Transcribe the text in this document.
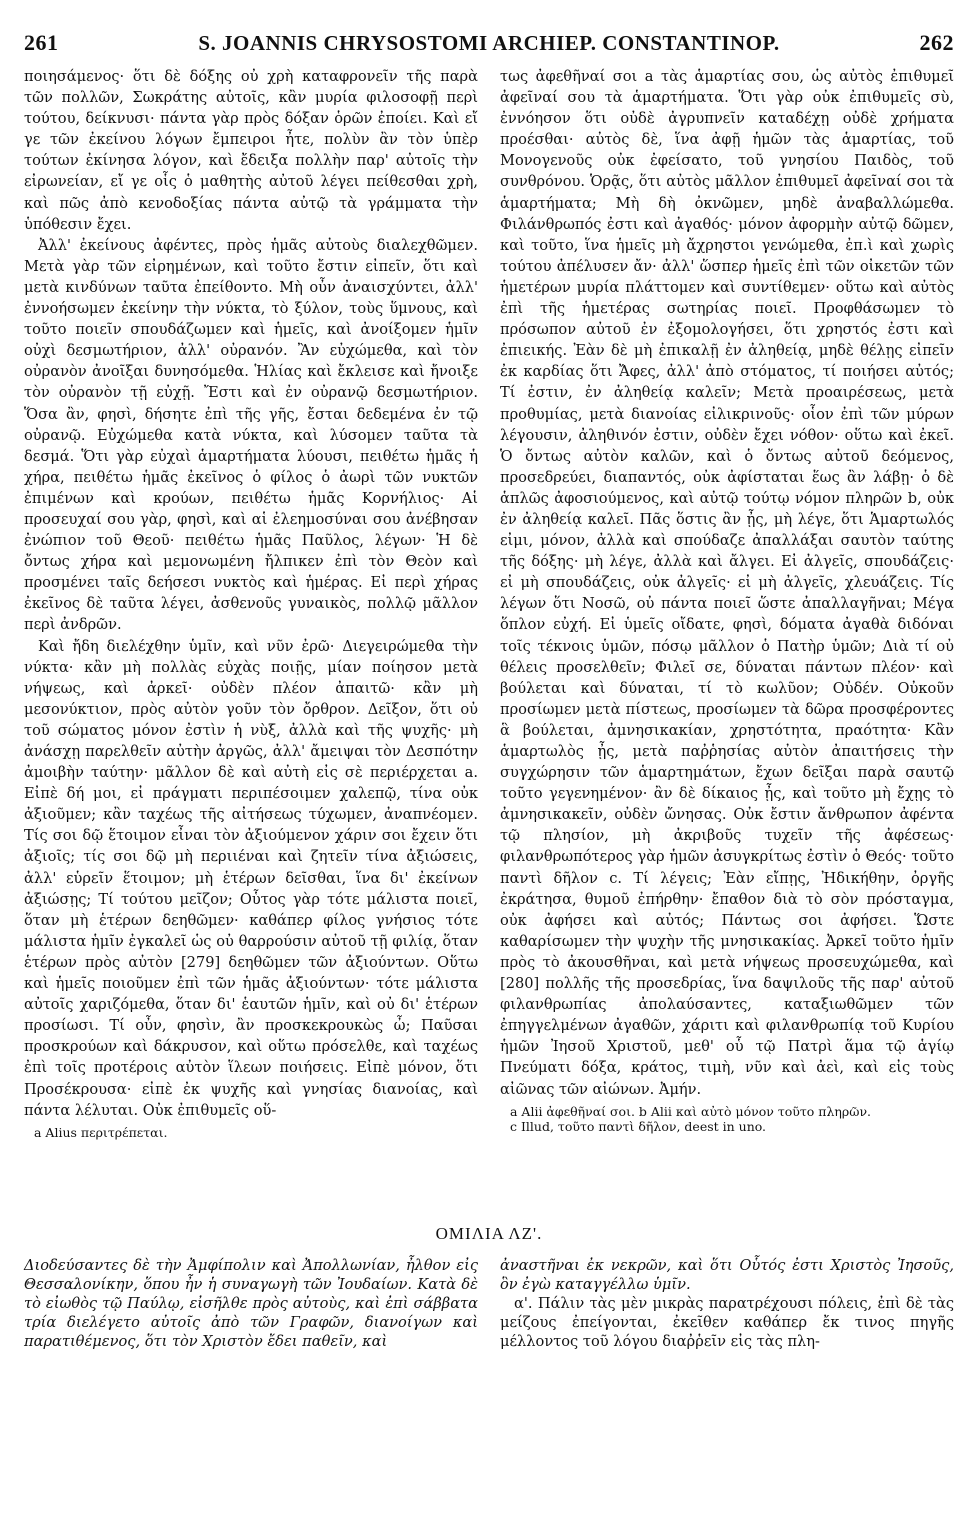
261	S. JOANNIS CHRYSOSTOMI ARCHIEP. CONSTANTINOP.	262

ποιησάμενος· ὅτι δὲ δόξης οὐ χρὴ καταφρονεῖν τῆς παρὰ τῶν πολλῶν, Σωκράτης αὐτοῖς, κἂν μυρία φιλοσοφῇ περὶ τούτου, δείκνυσι· πάντα γὰρ πρὸς δόξαν ὁρῶν ἐποίει. Καὶ εἴ γε τῶν ἐκείνου λόγων ἔμπειροι ἦτε, πολὺν ἂν τὸν ὑπὲρ τούτων ἐκίνησα λόγον, καὶ ἔδειξα πολλὴν παρ' αὐτοῖς τὴν εἰρωνείαν, εἴ γε οἷς ὁ μαθητὴς αὐτοῦ λέγει πείθεσθαι χρὴ, καὶ πῶς ἀπὸ κενοδοξίας πάντα αὐτῷ τὰ γράμματα τὴν ὑπόθεσιν ἔχει.

Ἀλλ' ἐκείνους ἀφέντες, πρὸς ἡμᾶς αὐτοὺς διαλεχθῶμεν. Μετὰ γὰρ τῶν εἰρημένων, καὶ τοῦτο ἔστιν εἰπεῖν, ὅτι καὶ μετὰ κινδύνων ταῦτα ἐπείθοντο. Μὴ οὖν ἀναισχύντει, ἀλλ' ἐννοήσωμεν ἐκείνην τὴν νύκτα, τὸ ξύλον, τοὺς ὕμνους, καὶ τοῦτο ποιεῖν σπουδάζωμεν καὶ ἡμεῖς, καὶ ἀνοίξομεν ἡμῖν οὐχὶ δεσμωτήριον, ἀλλ' οὐρανόν. Ἂν εὐχώμεθα, καὶ τὸν οὐρανὸν ἀνοῖξαι δυνησόμεθα. Ἡλίας καὶ ἔκλεισε καὶ ἤνοιξε τὸν οὐρανὸν τῇ εὐχῇ. Ἔστι καὶ ἐν οὐρανῷ δεσμωτήριον. Ὅσα ἂν, φησὶ, δήσητε ἐπὶ τῆς γῆς, ἔσται δεδεμένα ἐν τῷ οὐρανῷ. Εὐχώμεθα κατὰ νύκτα, καὶ λύσομεν ταῦτα τὰ δεσμά. Ὅτι γὰρ εὐχαὶ ἁμαρτήματα λύουσι, πειθέτω ἡμᾶς ἡ χήρα, πειθέτω ἡμᾶς ἐκεῖνος ὁ φίλος ὁ ἀωρὶ τῶν νυκτῶν ἐπιμένων καὶ κρούων, πειθέτω ἡμᾶς Κορνήλιος· Αἱ προσευχαί σου γὰρ, φησὶ, καὶ αἱ ἐλεημοσύναι σου ἀνέβησαν ἐνώπιον τοῦ Θεοῦ· πειθέτω ἡμᾶς Παῦλος, λέγων· Ἡ δὲ ὄντως χήρα καὶ μεμονωμένη ἤλπικεν ἐπὶ τὸν Θεὸν καὶ προσμένει ταῖς δεήσεσι νυκτὸς καὶ ἡμέρας. Εἰ περὶ χήρας ἐκεῖνος δὲ ταῦτα λέγει, ἀσθενοῦς γυναικὸς, πολλῷ μᾶλλον περὶ ἀνδρῶν.

Καὶ ἤδη διελέχθην ὑμῖν, καὶ νῦν ἐρῶ· Διεγειρώμεθα τὴν νύκτα· κἂν μὴ πολλὰς εὐχὰς ποιῇς, μίαν ποίησον μετὰ νήψεως, καὶ ἀρκεῖ· οὐδὲν πλέον ἀπαιτῶ· κἂν μὴ μεσονύκτιον, πρὸς αὐτὸν γοῦν τὸν ὄρθρον. Δεῖξον, ὅτι οὐ τοῦ σώματος μόνον ἐστὶν ἡ νὺξ, ἀλλὰ καὶ τῆς ψυχῆς· μὴ ἀνάσχῃ παρελθεῖν αὐτὴν ἀργῶς, ἀλλ' ἄμειψαι τὸν Δεσπότην ἀμοιβὴν ταύτην· μᾶλλον δὲ καὶ αὐτὴ εἰς σὲ περιέρχεται a. Εἰπὲ δή μοι, εἰ πράγματι περιπέσοιμεν χαλεπῷ, τίνα οὐκ ἀξιοῦμεν; κἂν ταχέως τῆς αἰτήσεως τύχωμεν, ἀναπνέομεν. Τίς σοι δῷ ἕτοιμον εἶναι τὸν ἀξιούμενον χάριν σοι ἔχειν ὅτι ἀξιοῖς; τίς σοι δῷ μὴ περιιέναι καὶ ζητεῖν τίνα ἀξιώσεις, ἀλλ' εὑρεῖν ἕτοιμον; μὴ ἑτέρων δεῖσθαι, ἵνα δι' ἐκείνων ἀξιώσῃς; Τί τούτου μεῖζον; Οὗτος γὰρ τότε μάλιστα ποιεῖ, ὅταν μὴ ἑτέρων δεηθῶμεν· καθάπερ φίλος γνήσιος τότε μάλιστα ἡμῖν ἐγκαλεῖ ὡς οὐ θαρρούσιν αὐτοῦ τῇ φιλίᾳ, ὅταν ἑτέρων πρὸς αὐτὸν [279] δεηθῶμεν τῶν ἀξιούντων. Οὕτω καὶ ἡμεῖς ποιοῦμεν ἐπὶ τῶν ἡμᾶς ἀξιούντων· τότε μάλιστα αὐτοῖς χαριζόμεθα, ὅταν δι' ἑαυτῶν ἡμῖν, καὶ οὐ δι' ἑτέρων προσίωσι. Τί οὖν, φησὶν, ἂν προσκεκρουκὼς ὦ; Παῦσαι προσκρούων καὶ δάκρυσον, καὶ οὕτω πρόσελθε, καὶ ταχέως ἐπὶ τοῖς προτέροις αὐτὸν ἵλεων ποιήσεις. Εἰπὲ μόνον, ὅτι Προσέκρουσα· εἰπὲ ἐκ ψυχῆς καὶ γνησίας διανοίας, καὶ πάντα λέλυται. Οὐκ ἐπιθυμεῖς οὕ-

a Alius περιτρέπεται.

τως ἀφεθῆναί σοι a τὰς ἁμαρτίας σου, ὡς αὐτὸς ἐπιθυμεῖ ἀφεῖναί σου τὰ ἁμαρτήματα. Ὅτι γὰρ οὐκ ἐπιθυμεῖς σὺ, ἐννόησον ὅτι οὐδὲ ἀγρυπνεῖν καταδέχῃ οὐδὲ χρήματα προέσθαι· αὐτὸς δὲ, ἵνα ἀφῇ ἡμῶν τὰς ἁμαρτίας, τοῦ Μονογενοῦς οὐκ ἐφείσατο, τοῦ γνησίου Παιδὸς, τοῦ συνθρόνου. Ὁρᾷς, ὅτι αὐτὸς μᾶλλον ἐπιθυμεῖ ἀφεῖναί σοι τὰ ἁμαρτήματα; Μὴ δὴ ὀκνῶμεν, μηδὲ ἀναβαλλώμεθα. Φιλάνθρωπός ἐστι καὶ ἀγαθός· μόνον ἀφορμὴν αὐτῷ δῶμεν, καὶ τοῦτο, ἵνα ἡμεῖς μὴ ἄχρηστοι γενώμεθα, ἐπ.ὶ καὶ χωρὶς τούτου ἀπέλυσεν ἄν· ἀλλ' ὥσπερ ἡμεῖς ἐπὶ τῶν οἰκετῶν τῶν ἡμετέρων μυρία πλάττομεν καὶ συντίθεμεν· οὕτω καὶ αὐτὸς ἐπὶ τῆς ἡμετέρας σωτηρίας ποιεῖ. Προφθάσωμεν τὸ πρόσωπον αὐτοῦ ἐν ἐξομολογήσει, ὅτι χρηστός ἐστι καὶ ἐπιεικής. Ἐὰν δὲ μὴ ἐπικαλῇ ἐν ἀληθείᾳ, μηδὲ θέλῃς εἰπεῖν ἐκ καρδίας ὅτι Ἄφες, ἀλλ' ἀπὸ στόματος, τί ποιήσει αὐτός; Τί ἐστιν, ἐν ἀληθείᾳ καλεῖν; Μετὰ προαιρέσεως, μετὰ προθυμίας, μετὰ διανοίας εἰλικρινοῦς· οἷον ἐπὶ τῶν μύρων λέγουσιν, ἀληθινόν ἐστιν, οὐδὲν ἔχει νόθον· οὕτω καὶ ἐκεῖ. Ὁ ὄντως αὐτὸν καλῶν, καὶ ὁ ὄντως αὐτοῦ δεόμενος, προσεδρεύει, διαπαντός, οὐκ ἀφίσταται ἕως ἂν λάβῃ· ὁ δὲ ἁπλῶς ἀφοσιούμενος, καὶ αὐτῷ τούτῳ νόμον πληρῶν b, οὐκ ἐν ἀληθείᾳ καλεῖ. Πᾶς ὅστις ἂν ᾖς, μὴ λέγε, ὅτι Ἁμαρτωλός εἰμι, μόνον, ἀλλὰ καὶ σπούδαζε ἀπαλλάξαι σαυτὸν ταύτης τῆς δόξης· μὴ λέγε, ἀλλὰ καὶ ἄλγει. Εἰ ἀλγεῖς, σπουδάζεις· εἰ μὴ σπουδάζεις, οὐκ ἀλγεῖς· εἰ μὴ ἀλγεῖς, χλευάζεις. Τίς λέγων ὅτι Νοσῶ, οὐ πάντα ποιεῖ ὥστε ἀπαλλαγῆναι; Μέγα ὅπλον εὐχή. Εἰ ὑμεῖς οἴδατε, φησὶ, δόματα ἀγαθὰ διδόναι τοῖς τέκνοις ὑμῶν, πόσῳ μᾶλλον ὁ Πατὴρ ὑμῶν; Διὰ τί οὐ θέλεις προσελθεῖν; Φιλεῖ σε, δύναται πάντων πλέον· καὶ βούλεται καὶ δύναται, τί τὸ κωλῦον; Οὐδέν. Οὐκοῦν προσίωμεν μετὰ πίστεως, προσίωμεν τὰ δῶρα προσφέροντες ἃ βούλεται, ἀμνησικακίαν, χρηστότητα, πραότητα· Κἂν ἁμαρτωλὸς ᾖς, μετὰ παῤῥησίας αὐτὸν ἀπαιτήσεις τὴν συγχώρησιν τῶν ἁμαρτημάτων, ἔχων δεῖξαι παρὰ σαυτῷ τοῦτο γεγενημένον· ἂν δὲ δίκαιος ᾖς, καὶ τοῦτο μὴ ἔχῃς τὸ ἀμνησικακεῖν, οὐδὲν ὤνησας. Οὐκ ἔστιν ἄνθρωπον ἀφέντα τῷ πλησίον, μὴ ἀκριβοῦς τυχεῖν τῆς ἀφέσεως· φιλανθρωπότερος γὰρ ἡμῶν ἀσυγκρίτως ἐστὶν ὁ Θεός· τοῦτο παντὶ δῆλον c. Τί λέγεις; Ἐὰν εἴπῃς, Ἠδικήθην, ὀργῆς ἐκράτησα, θυμοῦ ἐπήρθην· ἔπαθον διὰ τὸ σὸν πρόσταγμα, οὐκ ἀφήσει καὶ αὐτός; Πάντως σοι ἀφήσει. Ὥστε καθαρίσωμεν τὴν ψυχὴν τῆς μνησικακίας. Ἀρκεῖ τοῦτο ἡμῖν πρὸς τὸ ἀκουσθῆναι, καὶ μετὰ νήψεως προσευχώμεθα, καὶ [280] πολλῆς τῆς προσεδρίας, ἵνα δαψιλοῦς τῆς παρ' αὐτοῦ φιλανθρωπίας ἀπολαύσαντες, καταξιωθῶμεν τῶν ἐπηγγελμένων ἀγαθῶν, χάριτι καὶ φιλανθρωπίᾳ τοῦ Κυρίου ἡμῶν Ἰησοῦ Χριστοῦ, μεθ' οὗ τῷ Πατρὶ ἅμα τῷ ἁγίῳ Πνεύματι δόξα, κράτος, τιμὴ, νῦν καὶ ἀεὶ, καὶ εἰς τοὺς αἰῶνας τῶν αἰώνων. Ἀμήν.

a Alii ἀφεθῆναί σοι. b Alii καὶ αὐτὸ μόνον τοῦτο πληρῶν.
c Illud, τοῦτο παντὶ δῆλον, deest in uno.
ΟΜΙΛΙΑ ΛΖ'.

Διοδεύσαντες δὲ τὴν Ἀμφίπολιν καὶ Ἀπολλωνίαν, ἦλθον εἰς Θεσσαλονίκην, ὅπου ἦν ἡ συναγωγὴ τῶν Ἰουδαίων. Κατὰ δὲ τὸ εἰωθὸς τῷ Παύλῳ, εἰσῆλθε πρὸς αὐτοὺς, καὶ ἐπὶ σάββατα τρία διελέγετο αὐτοῖς ἀπὸ τῶν Γραφῶν, διανοίγων καὶ παρατιθέμενος, ὅτι τὸν Χριστὸν ἔδει παθεῖν, καὶ

ἀναστῆναι ἐκ νεκρῶν, καὶ ὅτι Οὗτός ἐστι Χριστὸς Ἰησοῦς, ὃν ἐγὼ καταγγέλλω ὑμῖν.

α'. Πάλιν τὰς μὲν μικρὰς παρατρέχουσι πόλεις, ἐπὶ δὲ τὰς μείζους ἐπείγονται, ἐκεῖθεν καθάπερ ἔκ τινος πηγῆς μέλλοντος τοῦ λόγου διαῤῥεῖν εἰς τὰς πλη-
